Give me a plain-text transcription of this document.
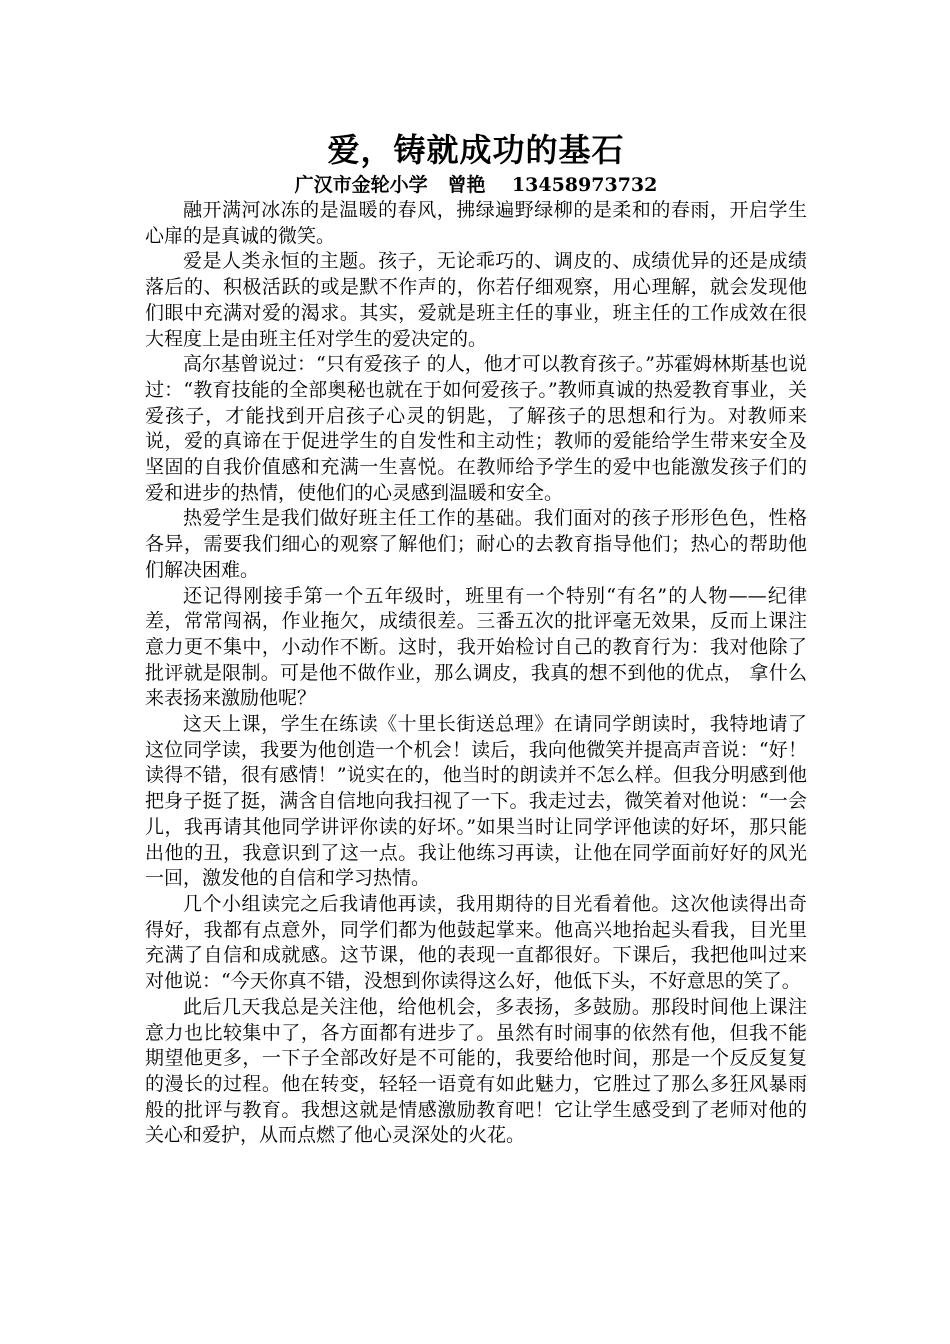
爱，铸就成功的基石

广汉市金轮小学   曾艳    13458973732

融开满河冰冻的是温暖的春风，拂绿遍野绿柳的是柔和的春雨，开启学生心扉的是真诚的微笑。

爱是人类永恒的主题。孩子，无论乖巧的、调皮的、成绩优异的还是成绩落后的、积极活跃的或是默不作声的，你若仔细观察，用心理解，就会发现他们眼中充满对爱的渴求。其实，爱就是班主任的事业，班主任的工作成效在很大程度上是由班主任对学生的爱决定的。

高尔基曾说过：“只有爱孩子 的人，他才可以教育孩子。”苏霍姆林斯基也说过：“教育技能的全部奥秘也就在于如何爱孩子。”教师真诚的热爱教育事业，关爱孩子，才能找到开启孩子心灵的钥匙，了解孩子的思想和行为。对教师来说，爱的真谛在于促进学生的自发性和主动性；教师的爱能给学生带来安全及坚固的自我价值感和充满一生喜悦。在教师给予学生的爱中也能激发孩子们的爱和进步的热情，使他们的心灵感到温暖和安全。

热爱学生是我们做好班主任工作的基础。我们面对的孩子形形色色，性格各异，需要我们细心的观察了解他们；耐心的去教育指导他们；热心的帮助他们解决困难。

还记得刚接手第一个五年级时，班里有一个特别“有名”的人物——纪律差，常常闯祸，作业拖欠，成绩很差。三番五次的批评毫无效果，反而上课注意力更不集中，小动作不断。这时，我开始检讨自己的教育行为：我对他除了批评就是限制。可是他不做作业，那么调皮，我真的想不到他的优点， 拿什么来表扬来激励他呢？

这天上课，学生在练读《十里长街送总理》在请同学朗读时，我特地请了这位同学读，我要为他创造一个机会！读后，我向他微笑并提高声音说：“好！读得不错，很有感情！”说实在的，他当时的朗读并不怎么样。但我分明感到他把身子挺了挺，满含自信地向我扫视了一下。我走过去，微笑着对他说：“一会儿，我再请其他同学讲评你读的好坏。”如果当时让同学评他读的好坏，那只能出他的丑，我意识到了这一点。我让他练习再读，让他在同学面前好好的风光一回，激发他的自信和学习热情。

几个小组读完之后我请他再读，我用期待的目光看着他。这次他读得出奇得好，我都有点意外，同学们都为他鼓起掌来。他高兴地抬起头看我，目光里充满了自信和成就感。这节课，他的表现一直都很好。下课后，我把他叫过来对他说：“今天你真不错，没想到你读得这么好，他低下头，不好意思的笑了。

此后几天我总是关注他，给他机会，多表扬，多鼓励。那段时间他上课注意力也比较集中了，各方面都有进步了。虽然有时闹事的依然有他，但我不能期望他更多，一下子全部改好是不可能的，我要给他时间，那是一个反反复复的漫长的过程。他在转变，轻轻一语竟有如此魅力，它胜过了那么多狂风暴雨般的批评与教育。我想这就是情感激励教育吧！它让学生感受到了老师对他的关心和爱护，从而点燃了他心灵深处的火花。
